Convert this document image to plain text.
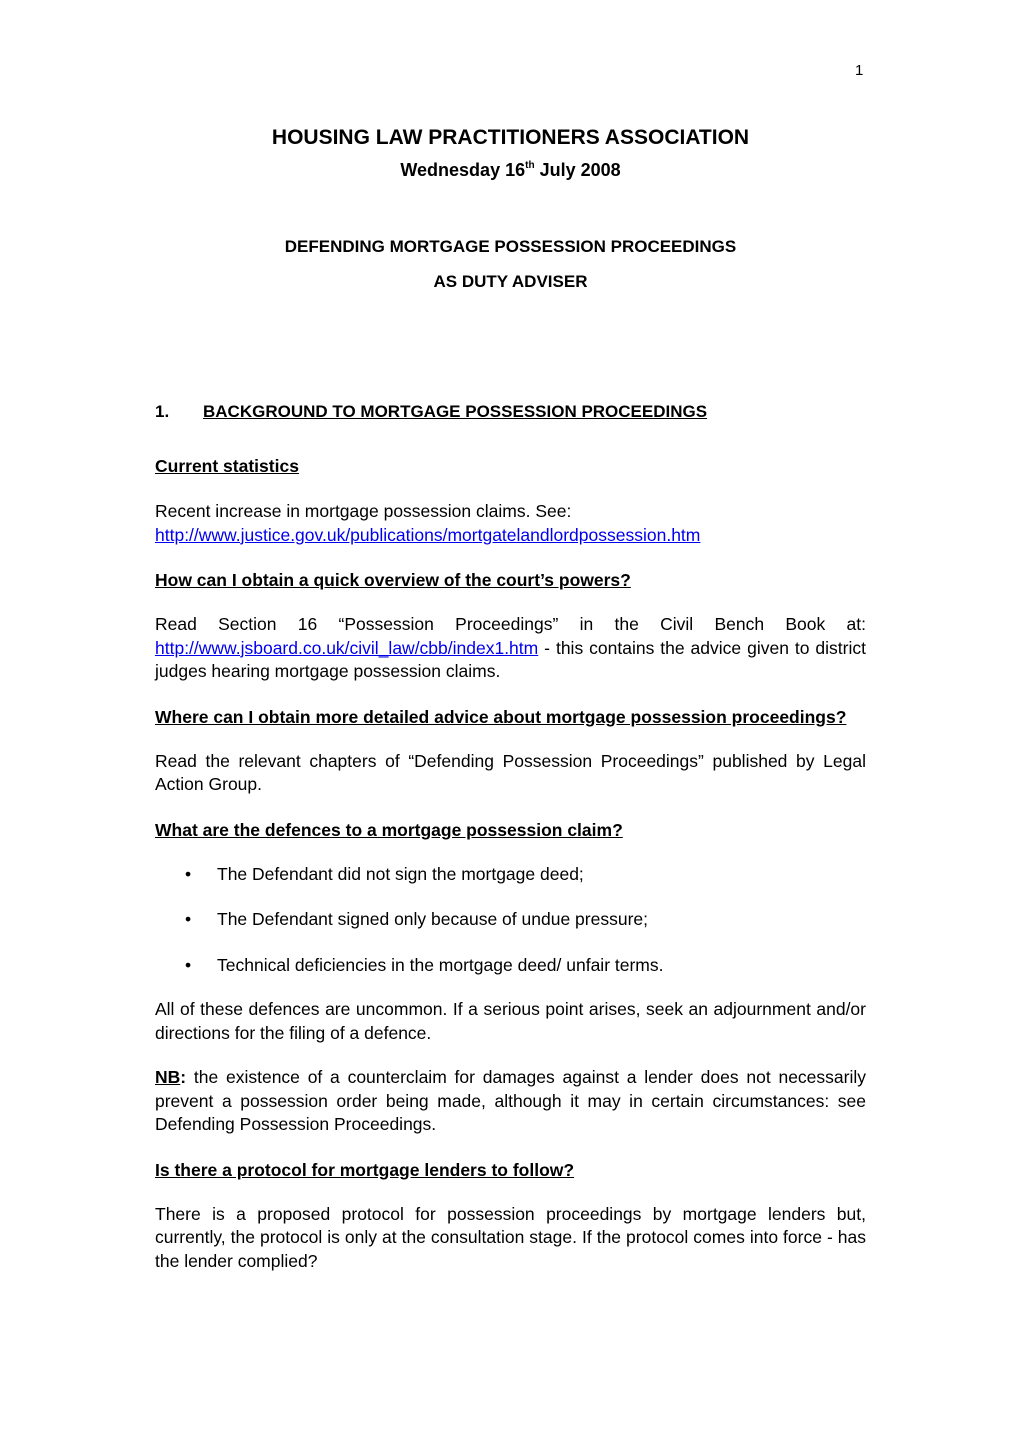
1
HOUSING LAW PRACTITIONERS ASSOCIATION
Wednesday 16th July 2008
DEFENDING MORTGAGE POSSESSION PROCEEDINGS
AS DUTY ADVISER
1.	BACKGROUND TO MORTGAGE POSSESSION PROCEEDINGS
Current statistics

Recent increase in mortgage possession claims. See:
http://www.justice.gov.uk/publications/mortgatelandlordpossession.htm

How can I obtain a quick overview of the court’s powers?

Read Section 16 “Possession Proceedings” in the Civil Bench Book at: http://www.jsboard.co.uk/civil_law/cbb/index1.htm - this contains the advice given to district judges hearing mortgage possession claims.

Where can I obtain more detailed advice about mortgage possession proceedings?

Read the relevant chapters of “Defending Possession Proceedings” published by Legal Action Group.

What are the defences to a mortgage possession claim?
•	The Defendant did not sign the mortgage deed;
•	The Defendant signed only because of undue pressure;
•	Technical deficiencies in the mortgage deed/ unfair terms.

All of these defences are uncommon. If a serious point arises, seek an adjournment and/or directions for the filing of a defence.

NB: the existence of a counterclaim for damages against a lender does not necessarily prevent a possession order being made, although it may in certain circumstances: see Defending Possession Proceedings.

Is there a protocol for mortgage lenders to follow?

There is a proposed protocol for possession proceedings by mortgage lenders but, currently, the protocol is only at the consultation stage. If the protocol comes into force - has the lender complied?
